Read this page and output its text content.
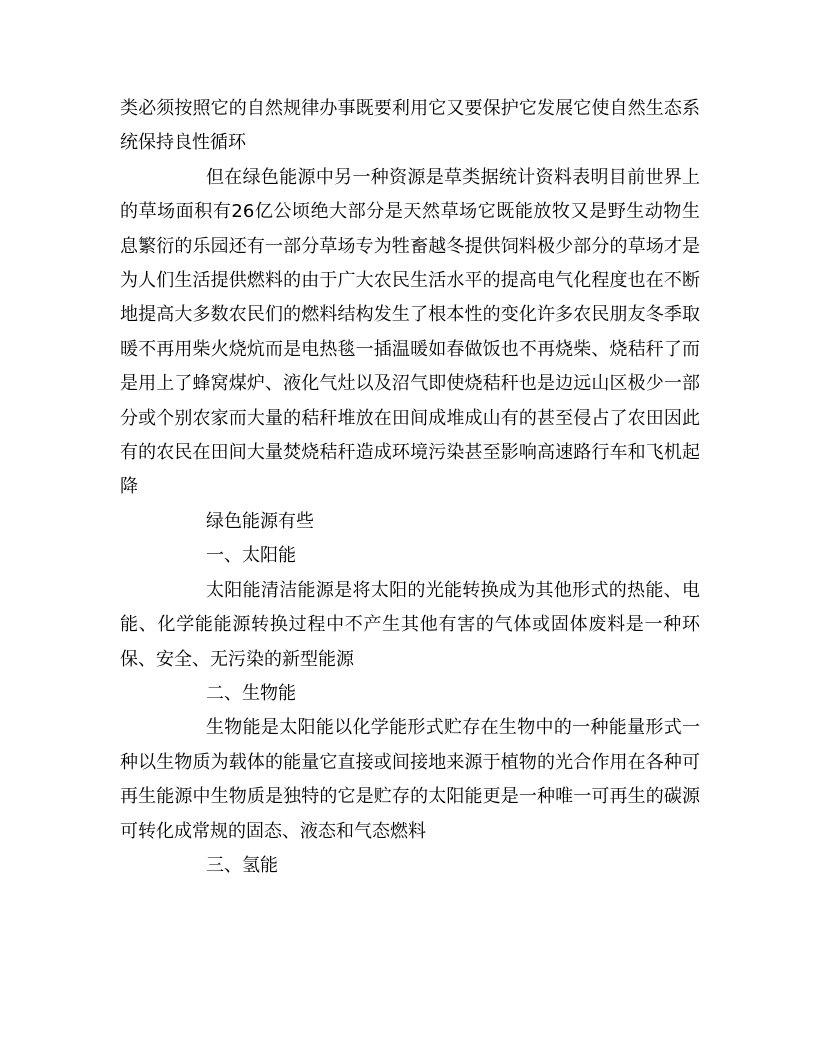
类必须按照它的自然规律办事既要利用它又要保护它发展它使自然生态系统保持良性循环

但在绿色能源中另一种资源是草类据统计资料表明目前世界上的草场面积有26亿公顷绝大部分是天然草场它既能放牧又是野生动物生息繁衍的乐园还有一部分草场专为牲畜越冬提供饲料极少部分的草场才是为人们生活提供燃料的由于广大农民生活水平的提高电气化程度也在不断地提高大多数农民们的燃料结构发生了根本性的变化许多农民朋友冬季取暖不再用柴火烧炕而是电热毯一插温暖如春做饭也不再烧柴、烧秸秆了而是用上了蜂窝煤炉、液化气灶以及沼气即使烧秸秆也是边远山区极少一部分或个别农家而大量的秸秆堆放在田间成堆成山有的甚至侵占了农田因此有的农民在田间大量焚烧秸秆造成环境污染甚至影响高速路行车和飞机起降

绿色能源有些

一、太阳能

太阳能清洁能源是将太阳的光能转换成为其他形式的热能、电能、化学能能源转换过程中不产生其他有害的气体或固体废料是一种环保、安全、无污染的新型能源

二、生物能

生物能是太阳能以化学能形式贮存在生物中的一种能量形式一种以生物质为载体的能量它直接或间接地来源于植物的光合作用在各种可再生能源中生物质是独特的它是贮存的太阳能更是一种唯一可再生的碳源可转化成常规的固态、液态和气态燃料

三、氢能
